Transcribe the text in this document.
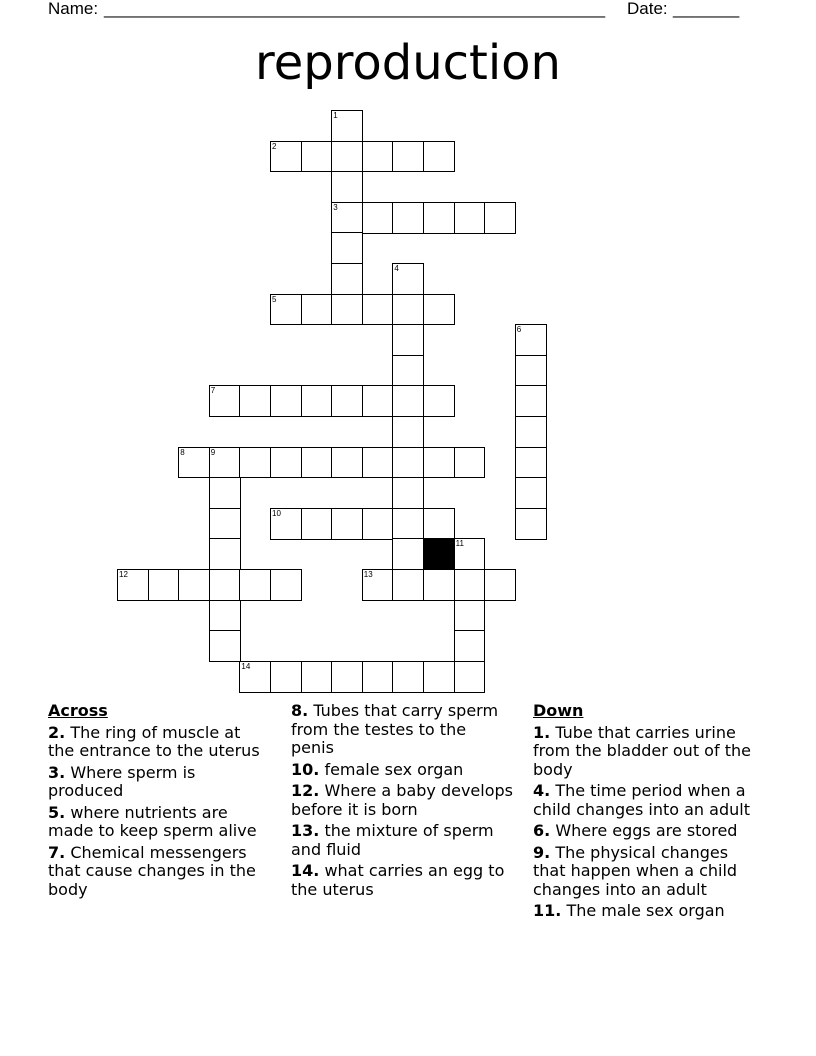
Name: _____________________________________________________ Date: _______
reproduction
1
2
3
4
5
6
7
8	9
10
11
12	13
14
Across
2. The ring of muscle at the entrance to the uterus
3. Where sperm is produced
5. where nutrients are made to keep sperm alive
7. Chemical messengers that cause changes in the body
8. Tubes that carry sperm from the testes to the penis
10. female sex organ
12. Where a baby develops before it is born
13. the mixture of sperm and fluid
14. what carries an egg to the uterus
Down
1. Tube that carries urine from the bladder out of the body
4. The time period when a child changes into an adult
6. Where eggs are stored
9. The physical changes that happen when a child changes into an adult
11. The male sex organ
